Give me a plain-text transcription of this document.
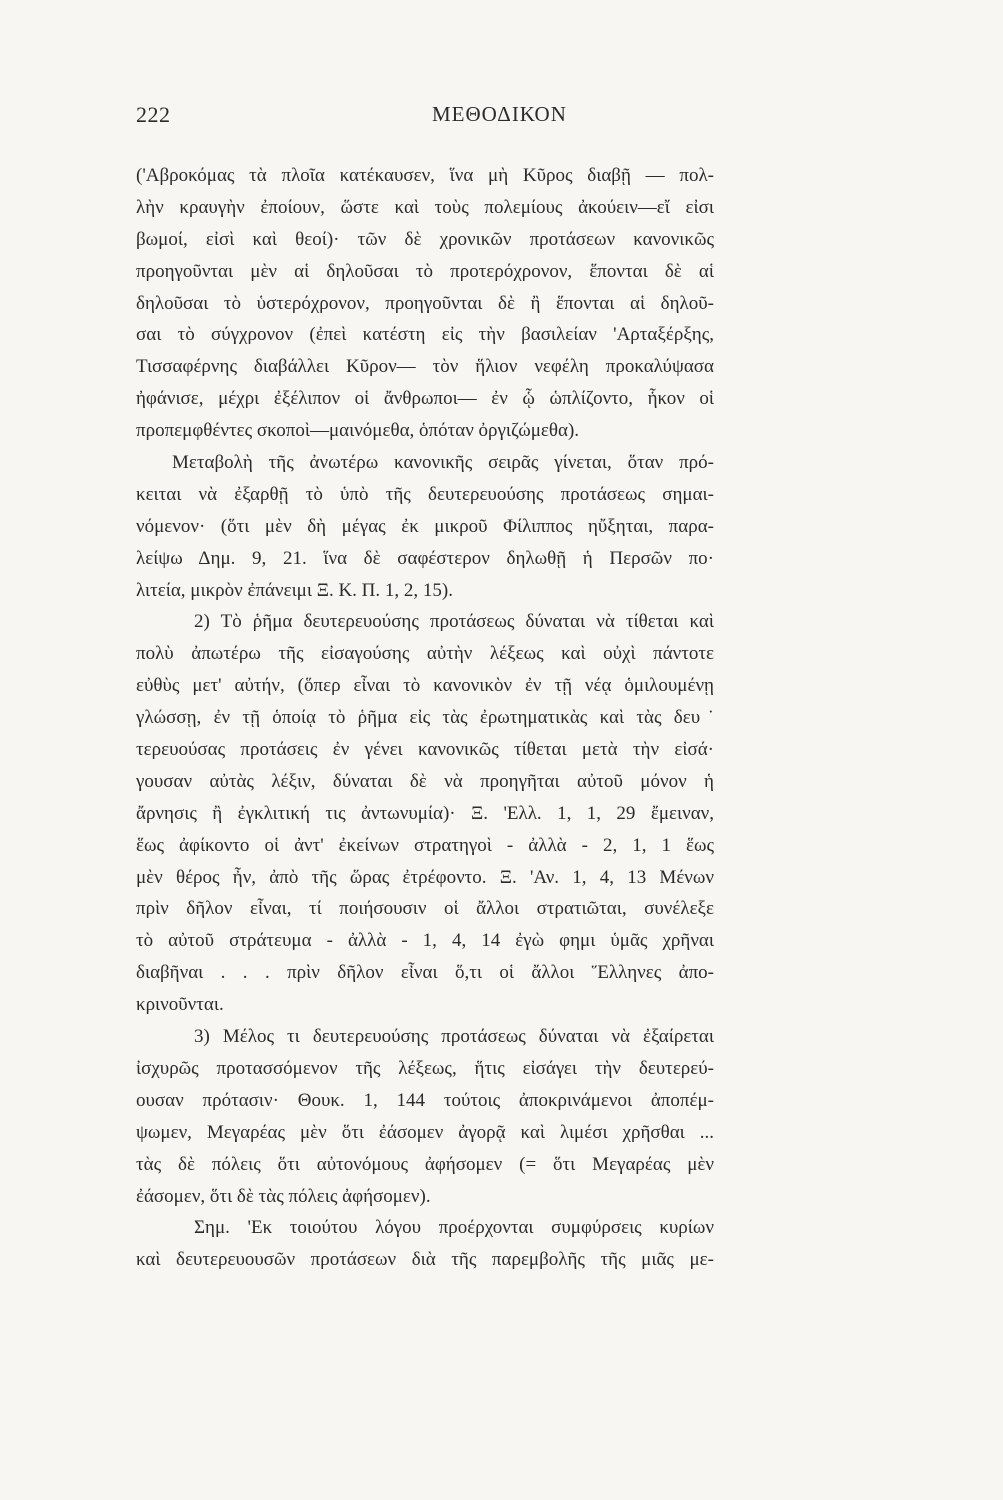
222	ΜΕΘΟΔΙΚΟΝ
('Αβροκόμας τὰ πλοῖα κατέκαυσεν, ἵνα μὴ Κῦρος διαβῇ — πολ-
λὴν κραυγὴν ἐποίουν, ὥστε καὶ τοὺς πολεμίους ἀκούειν—εἴ εἰσι
βωμοί, εἰσὶ καὶ θεοί)· τῶν δὲ χρονικῶν προτάσεων κανονικῶς
προηγοῦνται μὲν αἱ δηλοῦσαι τὸ προτερόχρονον, ἕπονται δὲ αἱ
δηλοῦσαι τὸ ὑστερόχρονον, προηγοῦνται δὲ ἢ ἕπονται αἱ δηλοῦ-
σαι τὸ σύγχρονον (ἐπεὶ κατέστη εἰς τὴν βασιλείαν 'Αρταξέρξης,
Τισσαφέρνης διαβάλλει Κῦρον— τὸν ἥλιον νεφέλη προκαλύψασα
ἠφάνισε, μέχρι ἐξέλιπον οἱ ἄνθρωποι— ἐν ᾧ ὡπλίζοντο, ἧκον οἱ
προπεμφθέντες σκοποὶ—μαινόμεθα, ὁπόταν ὀργιζώμεθα).
Μεταβολὴ τῆς ἀνωτέρω κανονικῆς σειρᾶς γίνεται, ὅταν πρό-
κειται νὰ ἐξαρθῇ τὸ ὑπὸ τῆς δευτερευούσης προτάσεως σημαι-
νόμενον· (ὅτι μὲν δὴ μέγας ἐκ μικροῦ Φίλιππος ηὔξηται, παρα-
λείψω Δημ. 9, 21. ἵνα δὲ σαφέστερον δηλωθῇ ἡ Περσῶν πο·
λιτεία, μικρὸν ἐπάνειμι Ξ. Κ. Π. 1, 2, 15).
2) Τὸ ῥῆμα δευτερευούσης προτάσεως δύναται νὰ τίθεται καὶ
πολὺ ἀπωτέρω τῆς εἰσαγούσης αὐτὴν λέξεως καὶ οὐχὶ πάντοτε
εὐθὺς μετ' αὐτήν, (ὅπερ εἶναι τὸ κανονικὸν ἐν τῇ νέᾳ ὁμιλουμένῃ
γλώσσῃ, ἐν τῇ ὁποίᾳ τὸ ῥῆμα εἰς τὰς ἐρωτηματικὰς καὶ τὰς δευ˙
τερευούσας προτάσεις ἐν γένει κανονικῶς τίθεται μετὰ τὴν εἰσά·
γουσαν αὐτὰς λέξιν, δύναται δὲ νὰ προηγῆται αὐτοῦ μόνον ἡ
ἄρνησις ἢ ἐγκλιτική τις ἀντωνυμία)· Ξ. 'Ελλ. 1, 1, 29 ἔμειναν,
ἕως ἀφίκοντο οἱ ἀντ' ἐκείνων στρατηγοὶ - ἀλλὰ - 2, 1, 1 ἕως
μὲν θέρος ἦν, ἀπὸ τῆς ὥρας ἐτρέφοντο. Ξ. 'Αν. 1, 4, 13 Μένων
πρὶν δῆλον εἶναι, τί ποιήσουσιν οἱ ἄλλοι στρατιῶται, συνέλεξε
τὸ αὐτοῦ στράτευμα - ἀλλὰ - 1, 4, 14 ἐγὼ φημι ὑμᾶς χρῆναι
διαβῆναι . . . πρὶν δῆλον εἶναι ὅ,τι οἱ ἄλλοι Ἕλληνες ἀπο-
κρινοῦνται.
3) Μέλος τι δευτερευούσης προτάσεως δύναται νὰ ἐξαίρεται
ἰσχυρῶς προτασσόμενον τῆς λέξεως, ἥτις εἰσάγει τὴν δευτερεύ-
ουσαν πρότασιν· Θουκ. 1, 144 τούτοις ἀποκρινάμενοι ἀποπέμ-
ψωμεν, Μεγαρέας μὲν ὅτι ἐάσομεν ἀγορᾷ καὶ λιμέσι χρῆσθαι ...
τὰς δὲ πόλεις ὅτι αὐτονόμους ἀφήσομεν (= ὅτι Μεγαρέας μὲν
ἐάσομεν, ὅτι δὲ τὰς πόλεις ἀφήσομεν).
Σημ. 'Εκ τοιούτου λόγου προέρχονται συμφύρσεις κυρίων
καὶ δευτερευουσῶν προτάσεων διὰ τῆς παρεμβολῆς τῆς μιᾶς με-
